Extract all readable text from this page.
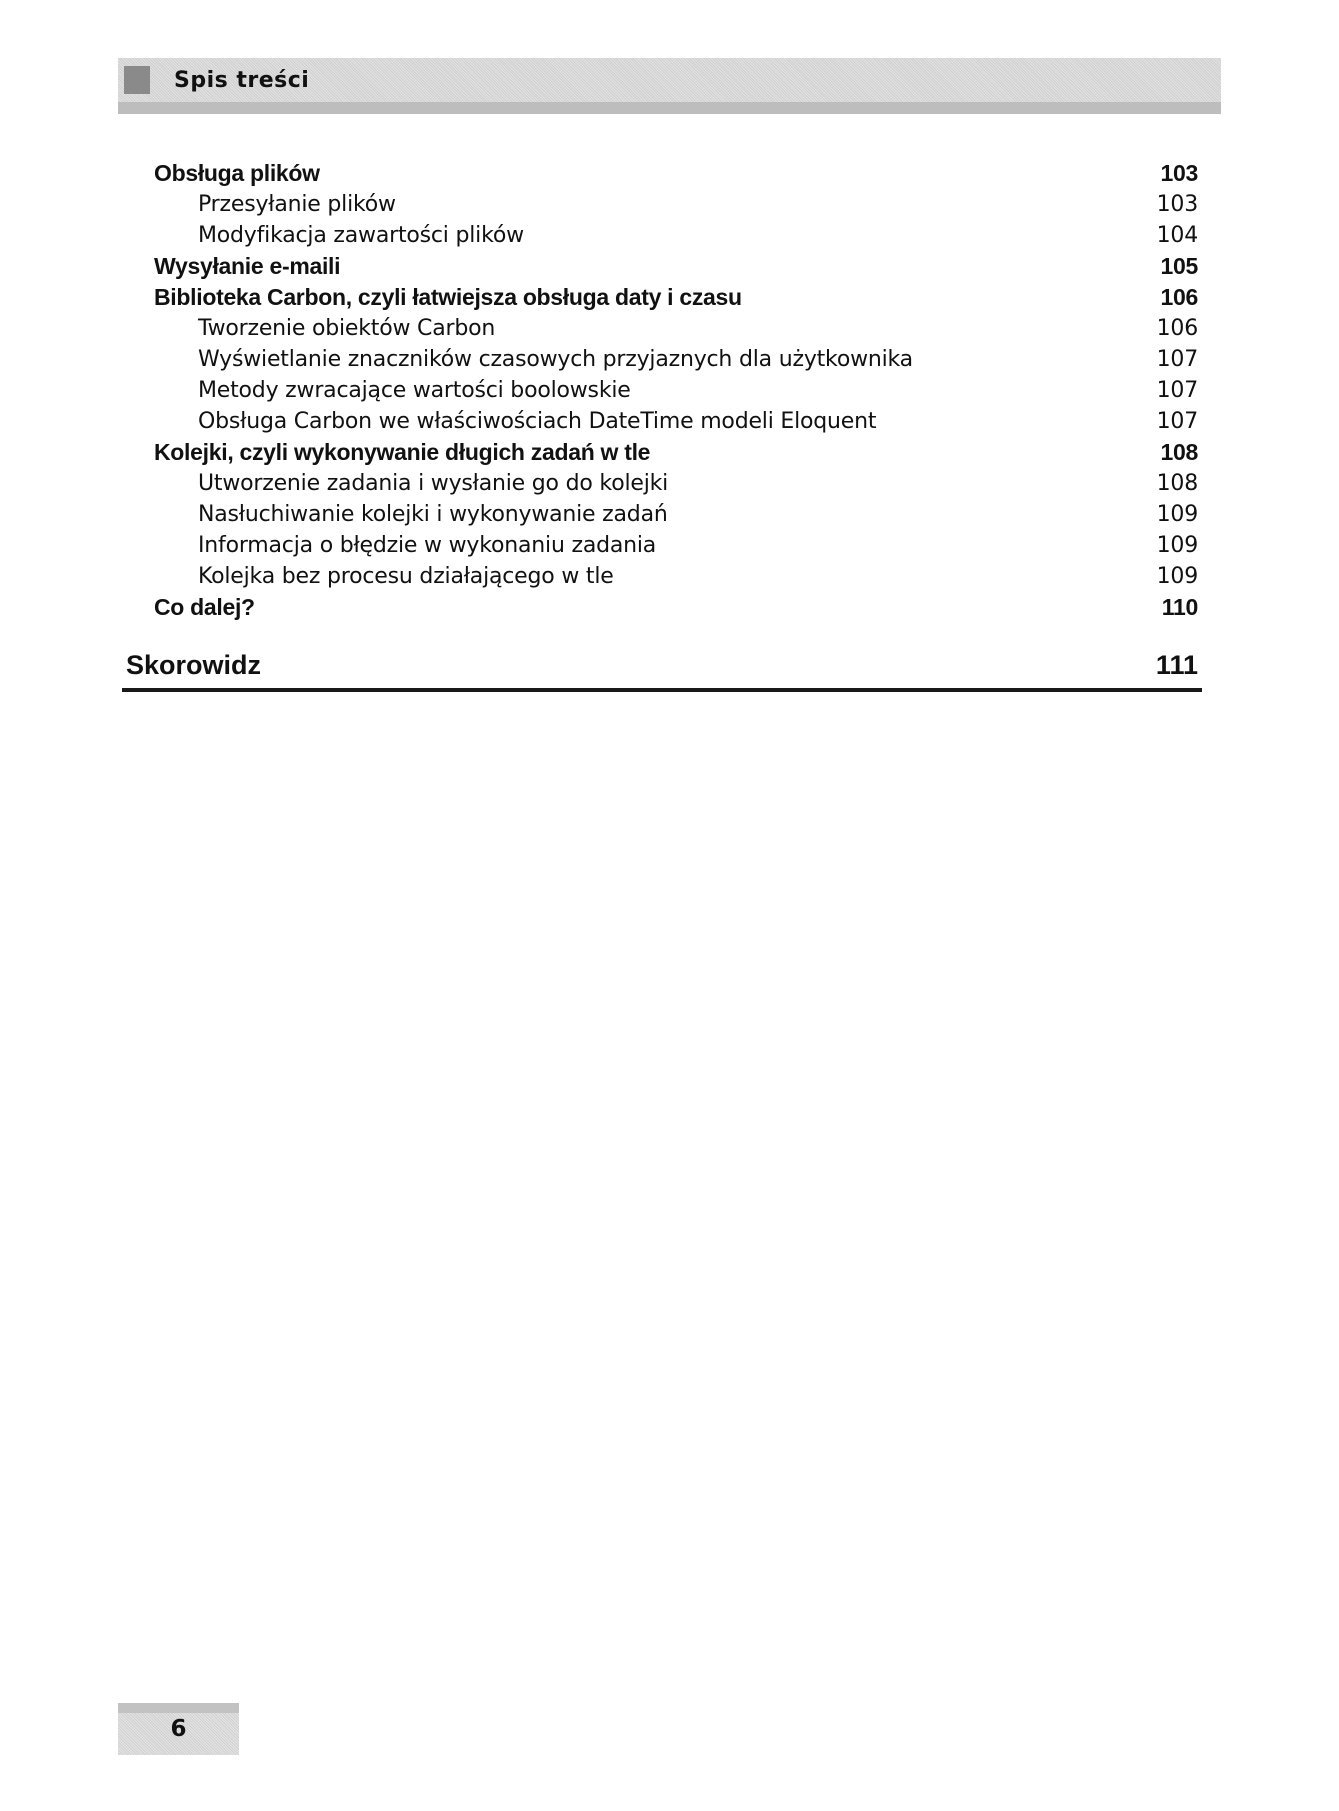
Spis treści
Obsługa plików	103
Przesyłanie plików	103
Modyfikacja zawartości plików	104
Wysyłanie e-maili	105
Biblioteka Carbon, czyli łatwiejsza obsługa daty i czasu	106
Tworzenie obiektów Carbon	106
Wyświetlanie znaczników czasowych przyjaznych dla użytkownika	107
Metody zwracające wartości boolowskie	107
Obsługa Carbon we właściwościach DateTime modeli Eloquent	107
Kolejki, czyli wykonywanie długich zadań w tle	108
Utworzenie zadania i wysłanie go do kolejki	108
Nasłuchiwanie kolejki i wykonywanie zadań	109
Informacja o błędzie w wykonaniu zadania	109
Kolejka bez procesu działającego w tle	109
Co dalej?	110
Skorowidz	111
6
